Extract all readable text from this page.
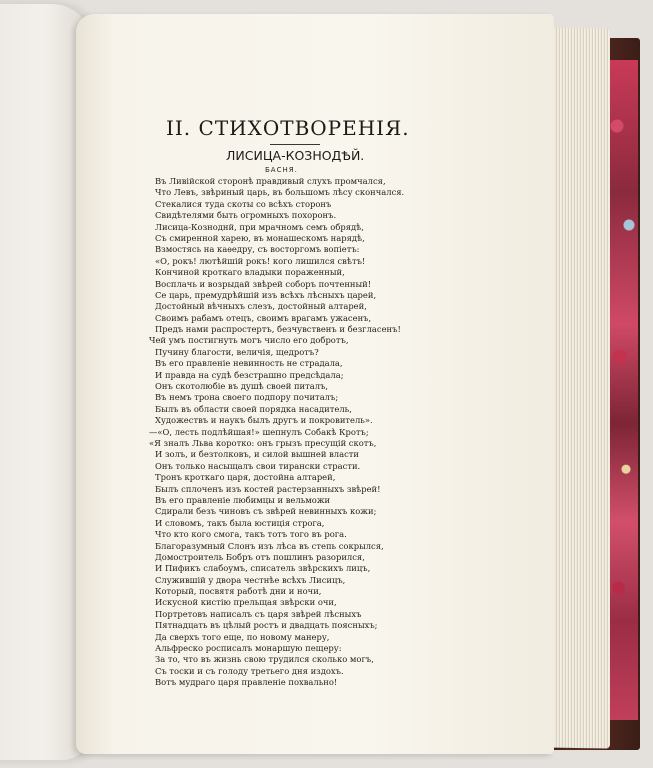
II. СТИХОТВОРЕНІЯ.
ЛИСИЦА-КОЗНОДѢЙ.
БАСНЯ.
Въ Ливійской сторонѣ правдивый слухъ промчался,
Что Левъ, звѣриный царь, въ большомъ лѣсу скончался.
Стекалися туда скоты со всѣхъ сторонъ
Свидѣтелями быть огромныхъ похоронъ.
Лисица-Козноднй, при мрачномъ семъ обрядѣ,
Съ смиренной харею, въ монашескомъ нарядѣ,
Взмостясь на каѳедру, съ восторгомъ вопіетъ:
«О, рокъ! лютѣйшій рокъ! кого лишился свѣтъ!
Кончиной кроткаго владыки пораженный,
Восплачь и возрыдай звѣрей соборъ почтенный!
Се царь, премудрѣйшій изъ всѣхъ лѣсныхъ царей,
Достойный вѣчныхъ слезъ, достойный алтарей,
Своимъ рабамъ отецъ, своимъ врагамъ ужасенъ,
Предъ нами распростертъ, безчувственъ и безгласенъ!
Чей умъ постигнуть могъ число его добротъ,
Пучину благости, величія, щедротъ?
Въ его правленіе невинность не страдала,
И правда на судѣ безстрашно предсѣдала;
Онъ скотолюбіе въ душѣ своей питалъ,
Въ немъ трона своего подпору почиталъ;
Былъ въ области своей порядка насадитель,
Художествъ и наукъ былъ другъ и покровитель».
—«О, лесть подлѣйшая!» шепнулъ Собакѣ Кротъ;
«Я зналъ Льва коротко: онъ грызъ пресущій скотъ,
И золъ, и безтолковъ, и силой вышней власти
Онъ только насыщалъ свои тирански страсти.
Тронъ кроткаго царя, достойна алтарей,
Былъ сплоченъ изъ костей растерзанныхъ звѣрей!
Въ его правленіе любимцы и вельможи
Сдирали безъ чиновъ съ звѣрей невинныхъ кожи;
И словомъ, такъ была юстиція строга,
Что кто кого смога, такъ тотъ того въ рога.
Благоразумный Слонъ изъ лѣса въ степь сокрылся,
Домостроитель Бобръ отъ пошлинъ разорился,
И Пификъ слабоумъ, списатель звѣрскихъ лицъ,
Служившій у двора честнѣе всѣхъ Лисицъ,
Который, посвятя работѣ дни и ночи,
Искусной кистію прельщая звѣрски очи,
Портретовъ написалъ съ царя звѣрей лѣсныхъ
Пятнадцать въ цѣлый ростъ и двадцать поясныхъ;
Да сверхъ того еще, по новому манеру,
Альфреско росписалъ монаршую пещеру:
За то, что въ жизнь свою трудился сколько могъ,
Съ тоски и съ голоду третьего дня издохъ.
Вотъ мудраго царя правленіе похвально!
